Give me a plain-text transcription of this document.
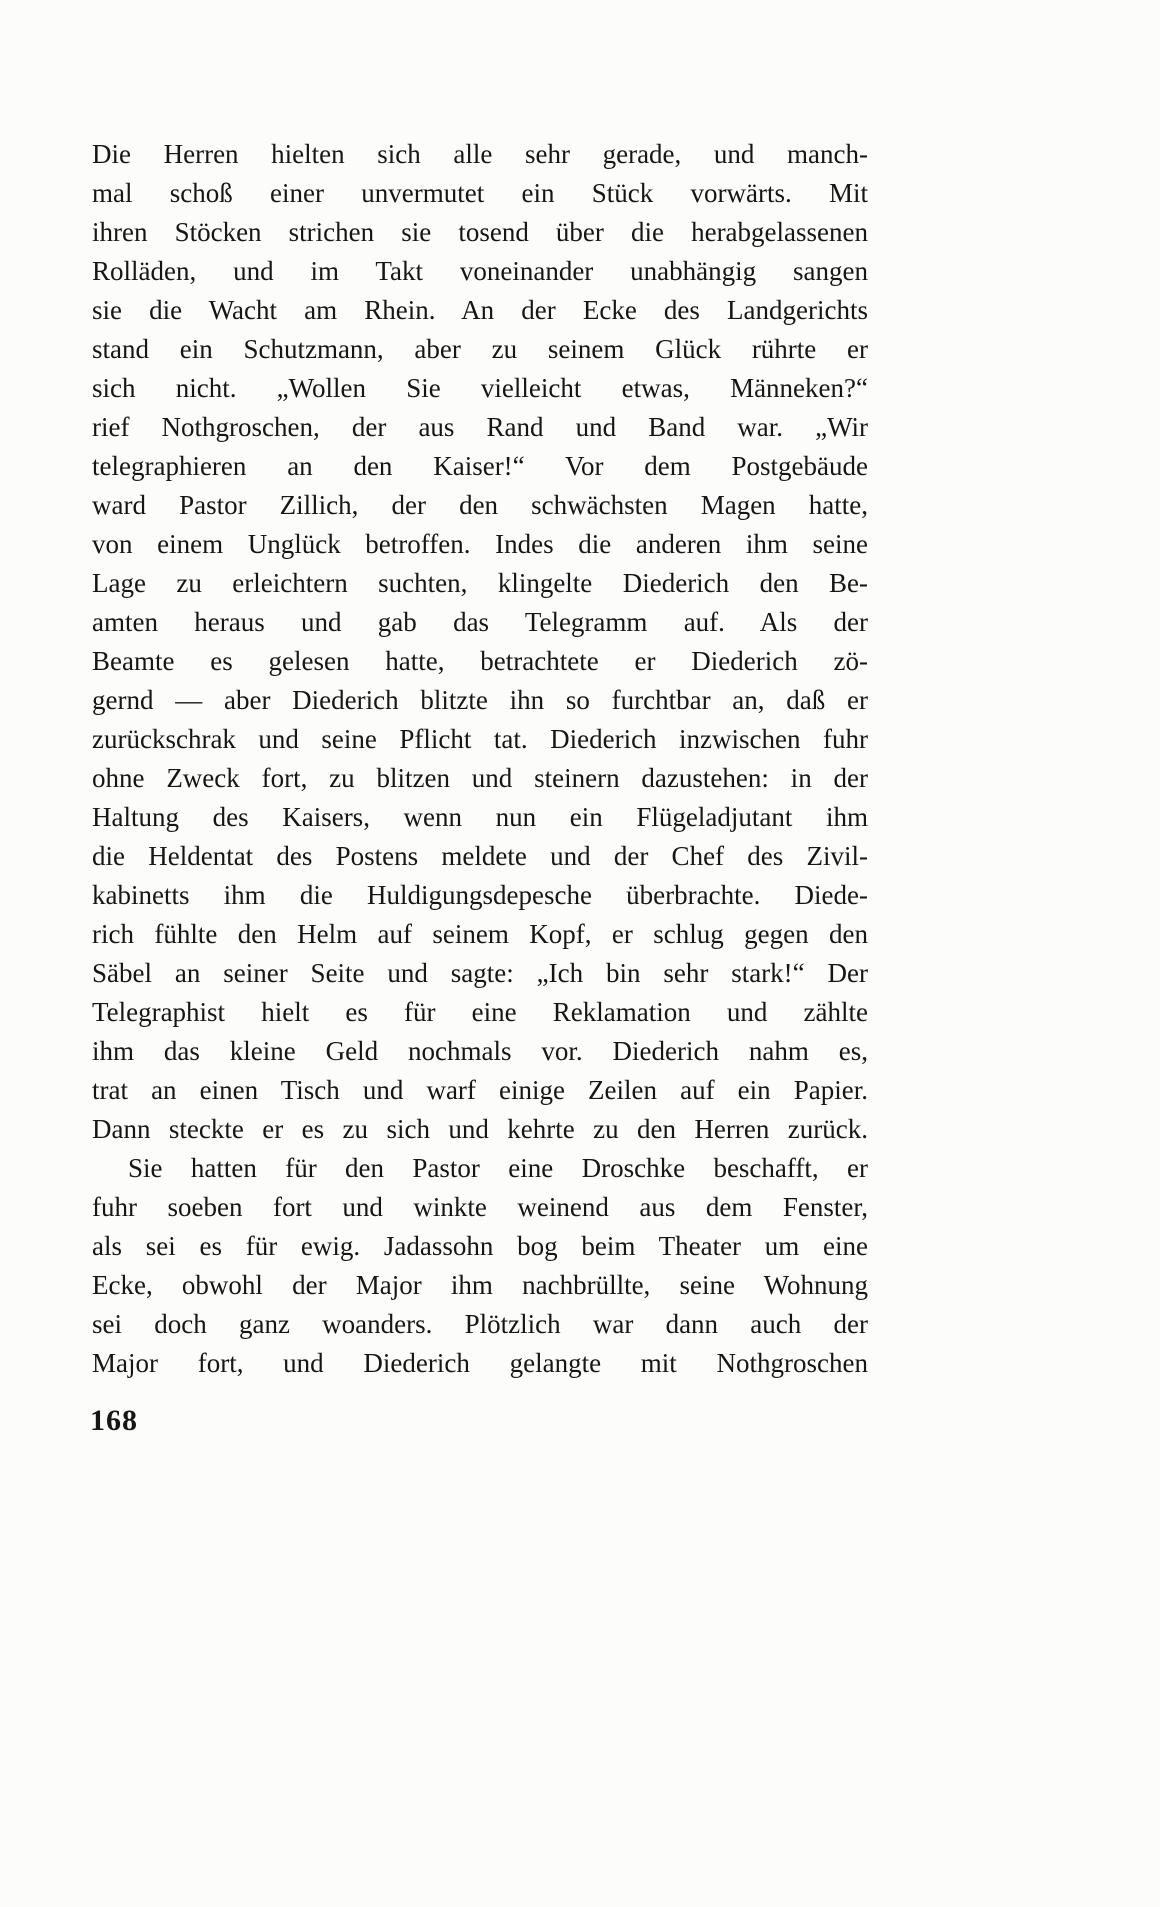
Die Herren hielten sich alle sehr gerade, und manch-
mal schoß einer unvermutet ein Stück vorwärts. Mit
ihren Stöcken strichen sie tosend über die herabgelassenen
Rolläden, und im Takt voneinander unabhängig sangen
sie die Wacht am Rhein. An der Ecke des Landgerichts
stand ein Schutzmann, aber zu seinem Glück rührte er
sich nicht. „Wollen Sie vielleicht etwas, Männeken?“
rief Nothgroschen, der aus Rand und Band war. „Wir
telegraphieren an den Kaiser!“ Vor dem Postgebäude
ward Pastor Zillich, der den schwächsten Magen hatte,
von einem Unglück betroffen. Indes die anderen ihm seine
Lage zu erleichtern suchten, klingelte Diederich den Be-
amten heraus und gab das Telegramm auf. Als der
Beamte es gelesen hatte, betrachtete er Diederich zö-
gernd — aber Diederich blitzte ihn so furchtbar an, daß er
zurückschrak und seine Pflicht tat. Diederich inzwischen fuhr
ohne Zweck fort, zu blitzen und steinern dazustehen: in der
Haltung des Kaisers, wenn nun ein Flügeladjutant ihm
die Heldentat des Postens meldete und der Chef des Zivil-
kabinetts ihm die Huldigungsdepesche überbrachte. Diede-
rich fühlte den Helm auf seinem Kopf, er schlug gegen den
Säbel an seiner Seite und sagte: „Ich bin sehr stark!“ Der
Telegraphist hielt es für eine Reklamation und zählte
ihm das kleine Geld nochmals vor. Diederich nahm es,
trat an einen Tisch und warf einige Zeilen auf ein Papier.
Dann steckte er es zu sich und kehrte zu den Herren zurück.
Sie hatten für den Pastor eine Droschke beschafft, er
fuhr soeben fort und winkte weinend aus dem Fenster,
als sei es für ewig. Jadassohn bog beim Theater um eine
Ecke, obwohl der Major ihm nachbrüllte, seine Wohnung
sei doch ganz woanders. Plötzlich war dann auch der
Major fort, und Diederich gelangte mit Nothgroschen
168
